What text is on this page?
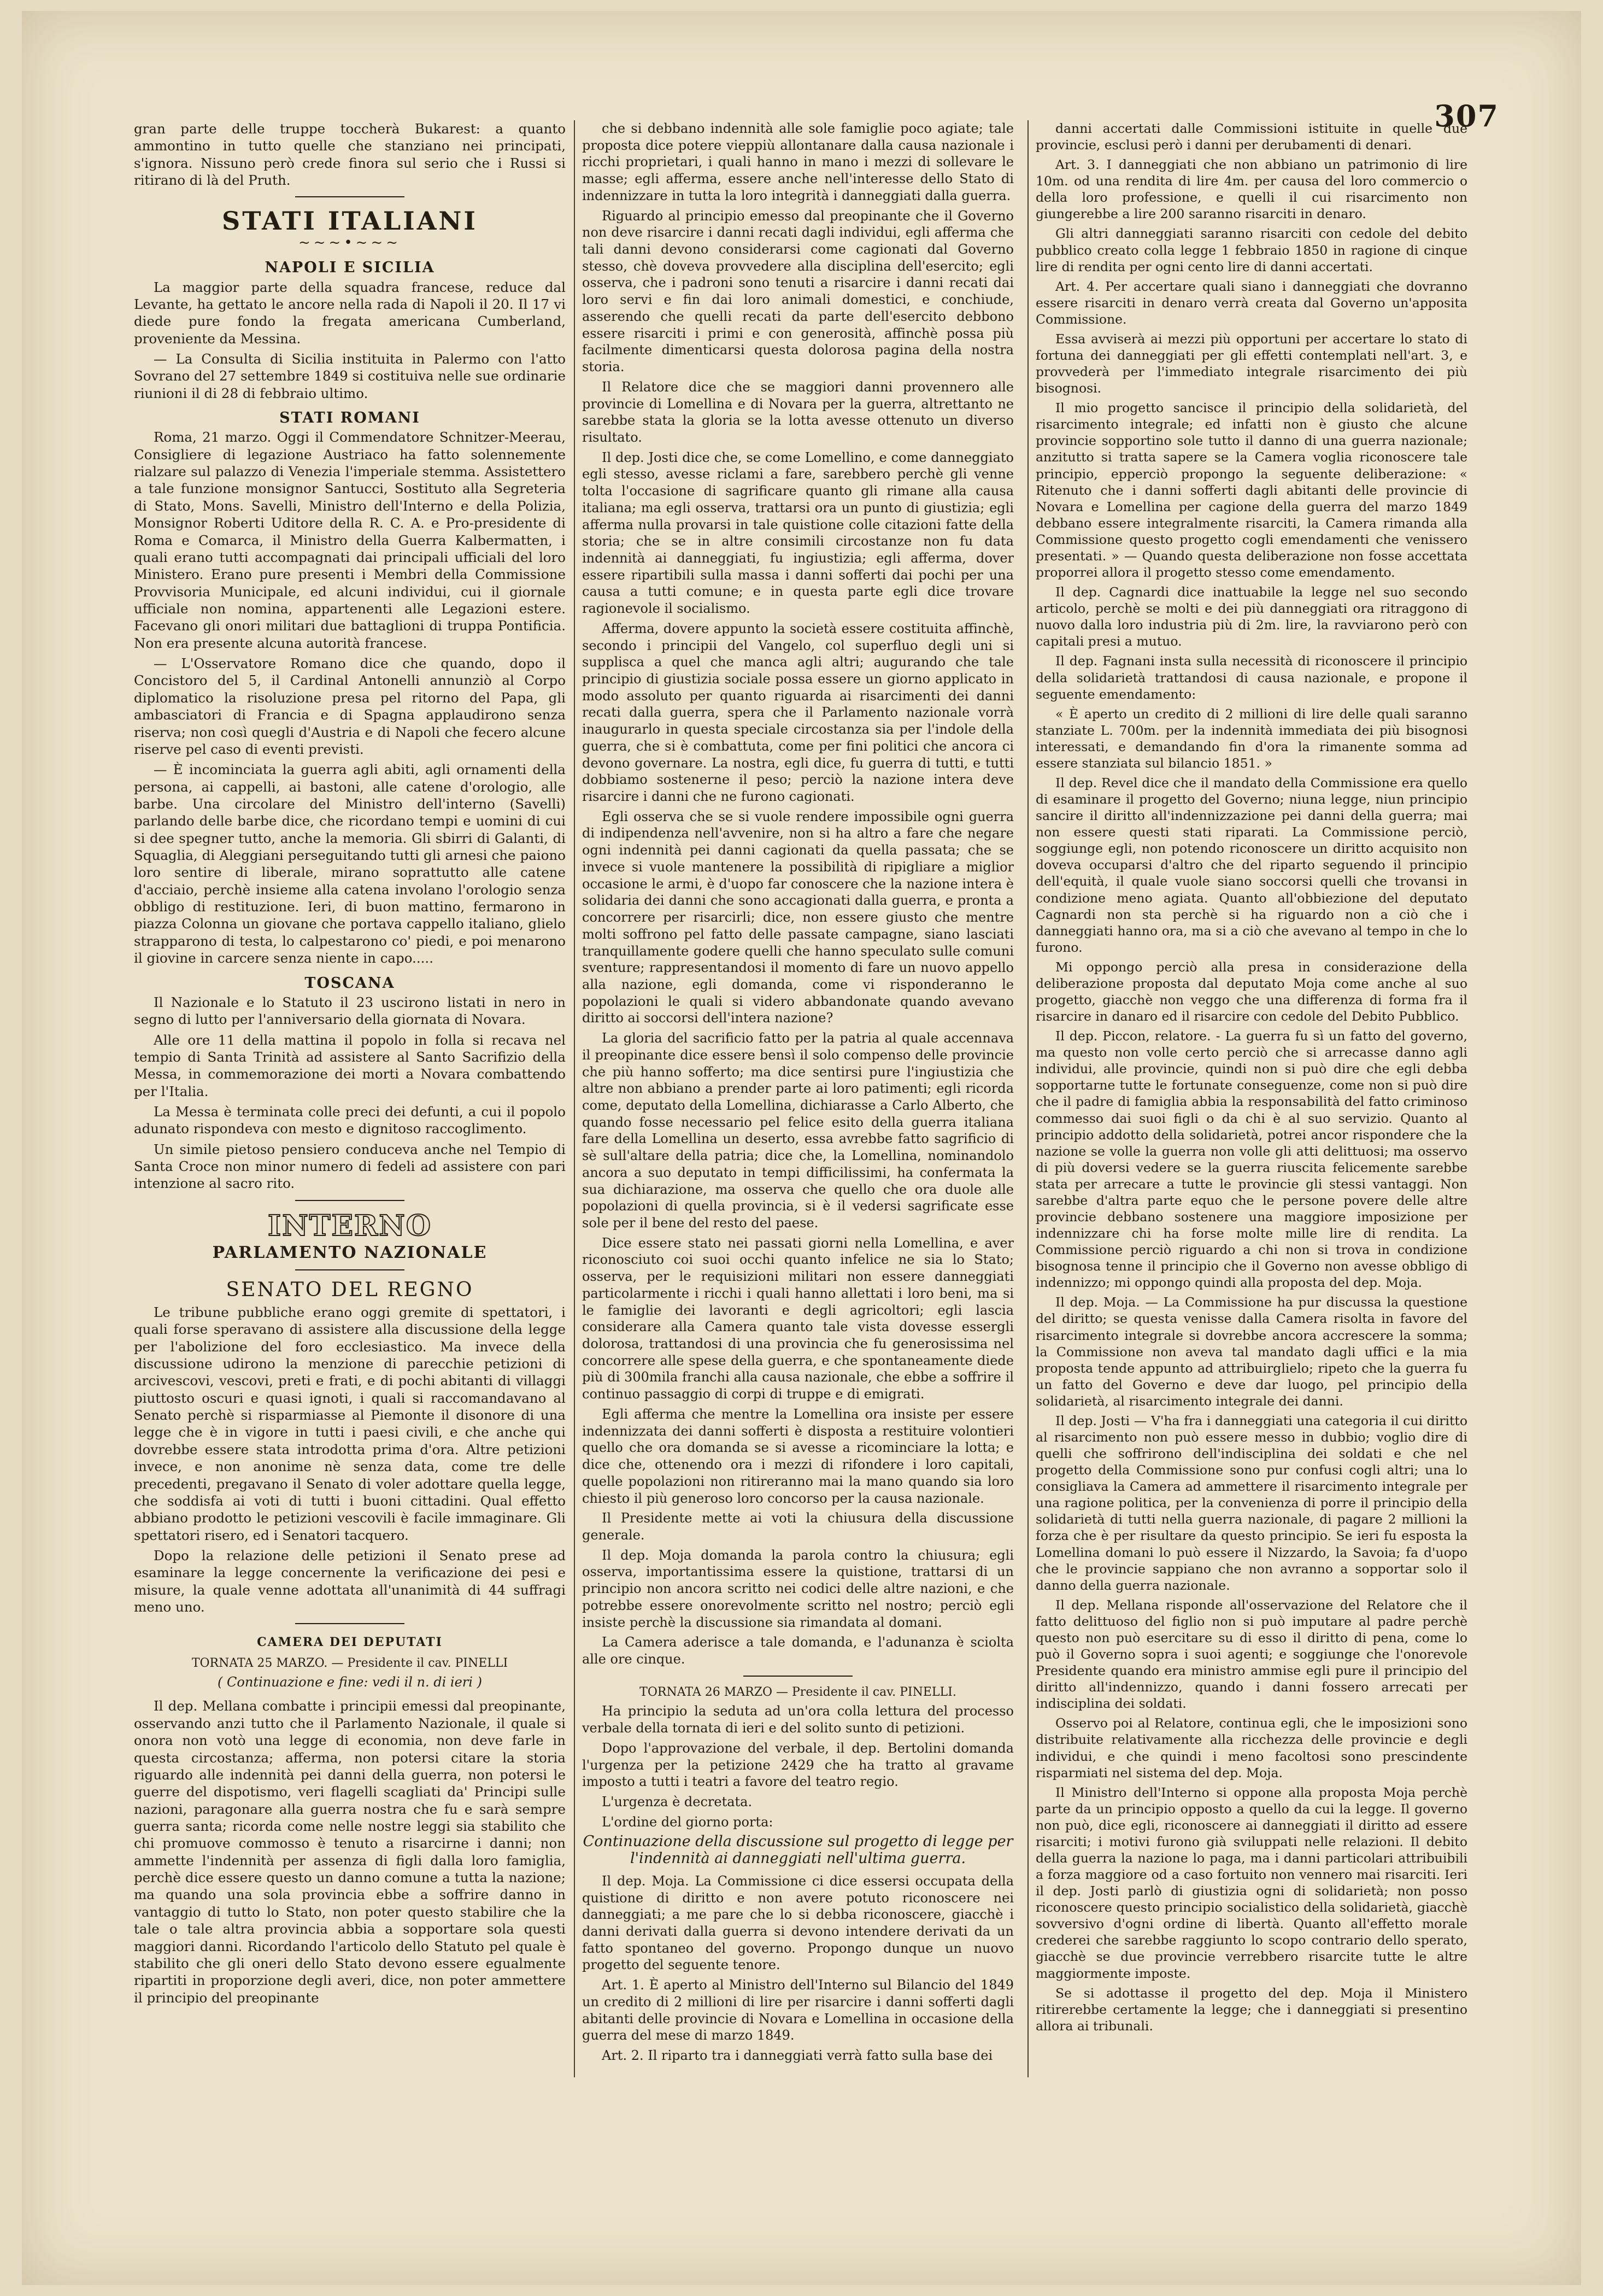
307

gran parte delle truppe toccherà Bukarest: a quanto ammontino in tutto quelle che stanziano nei principati, s'ignora. Nissuno però crede finora sul serio che i Russi si ritirano di là del Pruth.

STATI ITALIANI
~~~•~~~
NAPOLI E SICILIA

La maggior parte della squadra francese, reduce dal Levante, ha gettato le ancore nella rada di Napoli il 20. Il 17 vi diede pure fondo la fregata americana Cumberland, proveniente da Messina.

— La Consulta di Sicilia instituita in Palermo con l'atto Sovrano del 27 settembre 1849 si costituiva nelle sue ordinarie riunioni il di 28 di febbraio ultimo.

STATI ROMANI

Roma, 21 marzo. Oggi il Commendatore Schnitzer-Meerau, Consigliere di legazione Austriaco ha fatto solennemente rialzare sul palazzo di Venezia l'imperiale stemma. Assistettero a tale funzione monsignor Santucci, Sostituto alla Segreteria di Stato, Mons. Savelli, Ministro dell'Interno e della Polizia, Monsignor Roberti Uditore della R. C. A. e Pro-presidente di Roma e Comarca, il Ministro della Guerra Kalbermatten, i quali erano tutti accompagnati dai principali ufficiali del loro Ministero. Erano pure presenti i Membri della Commissione Provvisoria Municipale, ed alcuni individui, cui il giornale ufficiale non nomina, appartenenti alle Legazioni estere. Facevano gli onori militari due battaglioni di truppa Pontificia. Non era presente alcuna autorità francese.

— L'Osservatore Romano dice che quando, dopo il Concistoro del 5, il Cardinal Antonelli annunziò al Corpo diplomatico la risoluzione presa pel ritorno del Papa, gli ambasciatori di Francia e di Spagna applaudirono senza riserva; non così quegli d'Austria e di Napoli che fecero alcune riserve pel caso di eventi previsti.

— È incominciata la guerra agli abiti, agli ornamenti della persona, ai cappelli, ai bastoni, alle catene d'orologio, alle barbe. Una circolare del Ministro dell'interno (Savelli) parlando delle barbe dice, che ricordano tempi e uomini di cui si dee spegner tutto, anche la memoria. Gli sbirri di Galanti, di Squaglia, di Aleggiani perseguitando tutti gli arnesi che paiono loro sentire di liberale, mirano soprattutto alle catene d'acciaio, perchè insieme alla catena involano l'orologio senza obbligo di restituzione. Ieri, di buon mattino, fermarono in piazza Colonna un giovane che portava cappello italiano, glielo strapparono di testa, lo calpestarono co' piedi, e poi menarono il giovine in carcere senza niente in capo.....

TOSCANA

Il Nazionale e lo Statuto il 23 uscirono listati in nero in segno di lutto per l'anniversario della giornata di Novara.

Alle ore 11 della mattina il popolo in folla si recava nel tempio di Santa Trinità ad assistere al Santo Sacrifizio della Messa, in commemorazione dei morti a Novara combattendo per l'Italia.

La Messa è terminata colle preci dei defunti, a cui il popolo adunato rispondeva con mesto e dignitoso raccoglimento.

Un simile pietoso pensiero conduceva anche nel Tempio di Santa Croce non minor numero di fedeli ad assistere con pari intenzione al sacro rito.

INTERNO
PARLAMENTO NAZIONALE
SENATO DEL REGNO

Le tribune pubbliche erano oggi gremite di spettatori, i quali forse speravano di assistere alla discussione della legge per l'abolizione del foro ecclesiastico. Ma invece della discussione udirono la menzione di parecchie petizioni di arcivescovi, vescovi, preti e frati, e di pochi abitanti di villaggi piuttosto oscuri e quasi ignoti, i quali si raccomandavano al Senato perchè si risparmiasse al Piemonte il disonore di una legge che è in vigore in tutti i paesi civili, e che anche qui dovrebbe essere stata introdotta prima d'ora. Altre petizioni invece, e non anonime nè senza data, come tre delle precedenti, pregavano il Senato di voler adottare quella legge, che soddisfa ai voti di tutti i buoni cittadini. Qual effetto abbiano prodotto le petizioni vescovili è facile immaginare. Gli spettatori risero, ed i Senatori tacquero.

Dopo la relazione delle petizioni il Senato prese ad esaminare la legge concernente la verificazione dei pesi e misure, la quale venne adottata all'unanimità di 44 suffragi meno uno.

CAMERA DEI DEPUTATI
TORNATA 25 MARZO. — Presidente il cav. PINELLI
( Continuazione e fine: vedi il n. di ieri )

Il dep. Mellana combatte i principii emessi dal preopinante, osservando anzi tutto che il Parlamento Nazionale, il quale si onora non votò una legge di economia, non deve farle in questa circostanza; afferma, non potersi citare la storia riguardo alle indennità pei danni della guerra, non potersi le guerre del dispotismo, veri flagelli scagliati da' Principi sulle nazioni, paragonare alla guerra nostra che fu e sarà sempre guerra santa; ricorda come nelle nostre leggi sia stabilito che chi promuove commosso è tenuto a risarcirne i danni; non ammette l'indennità per assenza di figli dalla loro famiglia, perchè dice essere questo un danno comune a tutta la nazione; ma quando una sola provincia ebbe a soffrire danno in vantaggio di tutto lo Stato, non poter questo stabilire che la tale o tale altra provincia abbia a sopportare sola questi maggiori danni. Ricordando l'articolo dello Statuto pel quale è stabilito che gli oneri dello Stato devono essere egualmente ripartiti in proporzione degli averi, dice, non poter ammettere il principio del preopinante

che si debbano indennità alle sole famiglie poco agiate; tale proposta dice potere vieppiù allontanare dalla causa nazionale i ricchi proprietari, i quali hanno in mano i mezzi di sollevare le masse; egli afferma, essere anche nell'interesse dello Stato di indennizzare in tutta la loro integrità i danneggiati dalla guerra.

Riguardo al principio emesso dal preopinante che il Governo non deve risarcire i danni recati dagli individui, egli afferma che tali danni devono considerarsi come cagionati dal Governo stesso, chè doveva provvedere alla disciplina dell'esercito; egli osserva, che i padroni sono tenuti a risarcire i danni recati dai loro servi e fin dai loro animali domestici, e conchiude, asserendo che quelli recati da parte dell'esercito debbono essere risarciti i primi e con generosità, affinchè possa più facilmente dimenticarsi questa dolorosa pagina della nostra storia.

Il Relatore dice che se maggiori danni provennero alle provincie di Lomellina e di Novara per la guerra, altrettanto ne sarebbe stata la gloria se la lotta avesse ottenuto un diverso risultato.

Il dep. Josti dice che, se come Lomellino, e come danneggiato egli stesso, avesse riclami a fare, sarebbero perchè gli venne tolta l'occasione di sagrificare quanto gli rimane alla causa italiana; ma egli osserva, trattarsi ora un punto di giustizia; egli afferma nulla provarsi in tale quistione colle citazioni fatte della storia; che se in altre consimili circostanze non fu data indennità ai danneggiati, fu ingiustizia; egli afferma, dover essere ripartibili sulla massa i danni sofferti dai pochi per una causa a tutti comune; e in questa parte egli dice trovare ragionevole il socialismo.

Afferma, dovere appunto la società essere costituita affinchè, secondo i principii del Vangelo, col superfluo degli uni si supplisca a quel che manca agli altri; augurando che tale principio di giustizia sociale possa essere un giorno applicato in modo assoluto per quanto riguarda ai risarcimenti dei danni recati dalla guerra, spera che il Parlamento nazionale vorrà inaugurarlo in questa speciale circostanza sia per l'indole della guerra, che si è combattuta, come per fini politici che ancora ci devono governare. La nostra, egli dice, fu guerra di tutti, e tutti dobbiamo sostenerne il peso; perciò la nazione intera deve risarcire i danni che ne furono cagionati.

Egli osserva che se si vuole rendere impossibile ogni guerra di indipendenza nell'avvenire, non si ha altro a fare che negare ogni indennità pei danni cagionati da quella passata; che se invece si vuole mantenere la possibilità di ripigliare a miglior occasione le armi, è d'uopo far conoscere che la nazione intera è solidaria dei danni che sono accagionati dalla guerra, e pronta a concorrere per risarcirli; dice, non essere giusto che mentre molti soffrono pel fatto delle passate campagne, siano lasciati tranquillamente godere quelli che hanno speculato sulle comuni sventure; rappresentandosi il momento di fare un nuovo appello alla nazione, egli domanda, come vi risponderanno le popolazioni le quali si videro abbandonate quando avevano diritto ai soccorsi dell'intera nazione?

La gloria del sacrificio fatto per la patria al quale accennava il preopinante dice essere bensì il solo compenso delle provincie che più hanno sofferto; ma dice sentirsi pure l'ingiustizia che altre non abbiano a prender parte ai loro patimenti; egli ricorda come, deputato della Lomellina, dichiarasse a Carlo Alberto, che quando fosse necessario pel felice esito della guerra italiana fare della Lomellina un deserto, essa avrebbe fatto sagrificio di sè sull'altare della patria; dice che, la Lomellina, nominandolo ancora a suo deputato in tempi difficilissimi, ha confermata la sua dichiarazione, ma osserva che quello che ora duole alle popolazioni di quella provincia, si è il vedersi sagrificate esse sole per il bene del resto del paese.

Dice essere stato nei passati giorni nella Lomellina, e aver riconosciuto coi suoi occhi quanto infelice ne sia lo Stato; osserva, per le requisizioni militari non essere danneggiati particolarmente i ricchi i quali hanno allettati i loro beni, ma si le famiglie dei lavoranti e degli agricoltori; egli lascia considerare alla Camera quanto tale vista dovesse essergli dolorosa, trattandosi di una provincia che fu generosissima nel concorrere alle spese della guerra, e che spontaneamente diede più di 300mila franchi alla causa nazionale, che ebbe a soffrire il continuo passaggio di corpi di truppe e di emigrati.

Egli afferma che mentre la Lomellina ora insiste per essere indennizzata dei danni sofferti è disposta a restituire volontieri quello che ora domanda se si avesse a ricominciare la lotta; e dice che, ottenendo ora i mezzi di rifondere i loro capitali, quelle popolazioni non ritireranno mai la mano quando sia loro chiesto il più generoso loro concorso per la causa nazionale.

Il Presidente mette ai voti la chiusura della discussione generale.

Il dep. Moja domanda la parola contro la chiusura; egli osserva, importantissima essere la quistione, trattarsi di un principio non ancora scritto nei codici delle altre nazioni, e che potrebbe essere onorevolmente scritto nel nostro; perciò egli insiste perchè la discussione sia rimandata al domani.

La Camera aderisce a tale domanda, e l'adunanza è sciolta alle ore cinque.

TORNATA 26 MARZO — Presidente il cav. PINELLI.

Ha principio la seduta ad un'ora colla lettura del processo verbale della tornata di ieri e del solito sunto di petizioni.

Dopo l'approvazione del verbale, il dep. Bertolini domanda l'urgenza per la petizione 2429 che ha tratto al gravame imposto a tutti i teatri a favore del teatro regio.

L'urgenza è decretata.

L'ordine del giorno porta:

Continuazione della discussione sul progetto di legge per l'indennità ai danneggiati nell'ultima guerra.

Il dep. Moja. La Commissione ci dice essersi occupata della quistione di diritto e non avere potuto riconoscere nei danneggiati; a me pare che lo si debba riconoscere, giacchè i danni derivati dalla guerra si devono intendere derivati da un fatto spontaneo del governo. Propongo dunque un nuovo progetto del seguente tenore.

Art. 1. È aperto al Ministro dell'Interno sul Bilancio del 1849 un credito di 2 millioni di lire per risarcire i danni sofferti dagli abitanti delle provincie di Novara e Lomellina in occasione della guerra del mese di marzo 1849.

Art. 2. Il riparto tra i danneggiati verrà fatto sulla base dei

danni accertati dalle Commissioni istituite in quelle due provincie, esclusi però i danni per derubamenti di denari.

Art. 3. I danneggiati che non abbiano un patrimonio di lire 10m. od una rendita di lire 4m. per causa del loro commercio o della loro professione, e quelli il cui risarcimento non giungerebbe a lire 200 saranno risarciti in denaro.

Gli altri danneggiati saranno risarciti con cedole del debito pubblico creato colla legge 1 febbraio 1850 in ragione di cinque lire di rendita per ogni cento lire di danni accertati.

Art. 4. Per accertare quali siano i danneggiati che dovranno essere risarciti in denaro verrà creata dal Governo un'apposita Commissione.

Essa avviserà ai mezzi più opportuni per accertare lo stato di fortuna dei danneggiati per gli effetti contemplati nell'art. 3, e provvederà per l'immediato integrale risarcimento dei più bisognosi.

Il mio progetto sancisce il principio della solidarietà, del risarcimento integrale; ed infatti non è giusto che alcune provincie sopportino sole tutto il danno di una guerra nazionale; anzitutto si tratta sapere se la Camera voglia riconoscere tale principio, epperciò propongo la seguente deliberazione: « Ritenuto che i danni sofferti dagli abitanti delle provincie di Novara e Lomellina per cagione della guerra del marzo 1849 debbano essere integralmente risarciti, la Camera rimanda alla Commissione questo progetto cogli emendamenti che venissero presentati. » — Quando questa deliberazione non fosse accettata proporrei allora il progetto stesso come emendamento.

Il dep. Cagnardi dice inattuabile la legge nel suo secondo articolo, perchè se molti e dei più danneggiati ora ritraggono di nuovo dalla loro industria più di 2m. lire, la ravviarono però con capitali presi a mutuo.

Il dep. Fagnani insta sulla necessità di riconoscere il principio della solidarietà trattandosi di causa nazionale, e propone il seguente emendamento:

« È aperto un credito di 2 millioni di lire delle quali saranno stanziate L. 700m. per la indennità immediata dei più bisognosi interessati, e demandando fin d'ora la rimanente somma ad essere stanziata sul bilancio 1851. »

Il dep. Revel dice che il mandato della Commissione era quello di esaminare il progetto del Governo; niuna legge, niun principio sancire il diritto all'indennizzazione pei danni della guerra; mai non essere questi stati riparati. La Commissione perciò, soggiunge egli, non potendo riconoscere un diritto acquisito non doveva occuparsi d'altro che del riparto seguendo il principio dell'equità, il quale vuole siano soccorsi quelli che trovansi in condizione meno agiata. Quanto all'obbiezione del deputato Cagnardi non sta perchè si ha riguardo non a ciò che i danneggiati hanno ora, ma si a ciò che avevano al tempo in che lo furono.

Mi oppongo perciò alla presa in considerazione della deliberazione proposta dal deputato Moja come anche al suo progetto, giacchè non veggo che una differenza di forma fra il risarcire in danaro ed il risarcire con cedole del Debito Pubblico.

Il dep. Piccon, relatore. - La guerra fu sì un fatto del governo, ma questo non volle certo perciò che si arrecasse danno agli individui, alle provincie, quindi non si può dire che egli debba sopportarne tutte le fortunate conseguenze, come non si può dire che il padre di famiglia abbia la responsabilità del fatto criminoso commesso dai suoi figli o da chi è al suo servizio. Quanto al principio addotto della solidarietà, potrei ancor rispondere che la nazione se volle la guerra non volle gli atti delittuosi; ma osservo di più doversi vedere se la guerra riuscita felicemente sarebbe stata per arrecare a tutte le provincie gli stessi vantaggi. Non sarebbe d'altra parte equo che le persone povere delle altre provincie debbano sostenere una maggiore imposizione per indennizzare chi ha forse molte mille lire di rendita. La Commissione perciò riguardo a chi non si trova in condizione bisognosa tenne il principio che il Governo non avesse obbligo di indennizzo; mi oppongo quindi alla proposta del dep. Moja.

Il dep. Moja. — La Commissione ha pur discussa la questione del diritto; se questa venisse dalla Camera risolta in favore del risarcimento integrale si dovrebbe ancora accrescere la somma; la Commissione non aveva tal mandato dagli uffici e la mia proposta tende appunto ad attribuirglielo; ripeto che la guerra fu un fatto del Governo e deve dar luogo, pel principio della solidarietà, al risarcimento integrale dei danni.

Il dep. Josti — V'ha fra i danneggiati una categoria il cui diritto al risarcimento non può essere messo in dubbio; voglio dire di quelli che soffrirono dell'indisciplina dei soldati e che nel progetto della Commissione sono pur confusi cogli altri; una lo consigliava la Camera ad ammettere il risarcimento integrale per una ragione politica, per la convenienza di porre il principio della solidarietà di tutti nella guerra nazionale, di pagare 2 millioni la forza che è per risultare da questo principio. Se ieri fu esposta la Lomellina domani lo può essere il Nizzardo, la Savoia; fa d'uopo che le provincie sappiano che non avranno a sopportar solo il danno della guerra nazionale.

Il dep. Mellana risponde all'osservazione del Relatore che il fatto delittuoso del figlio non si può imputare al padre perchè questo non può esercitare su di esso il diritto di pena, come lo può il Governo sopra i suoi agenti; e soggiunge che l'onorevole Presidente quando era ministro ammise egli pure il principio del diritto all'indennizzo, quando i danni fossero arrecati per indisciplina dei soldati.

Osservo poi al Relatore, continua egli, che le imposizioni sono distribuite relativamente alla ricchezza delle provincie e degli individui, e che quindi i meno facoltosi sono prescindente risparmiati nel sistema del dep. Moja.

Il Ministro dell'Interno si oppone alla proposta Moja perchè parte da un principio opposto a quello da cui la legge. Il governo non può, dice egli, riconoscere ai danneggiati il diritto ad essere risarciti; i motivi furono già sviluppati nelle relazioni. Il debito della guerra la nazione lo paga, ma i danni particolari attribuibili a forza maggiore od a caso fortuito non vennero mai risarciti. Ieri il dep. Josti parlò di giustizia ogni di solidarietà; non posso riconoscere questo principio socialistico della solidarietà, giacchè sovversivo d'ogni ordine di libertà. Quanto all'effetto morale crederei che sarebbe raggiunto lo scopo contrario dello sperato, giacchè se due provincie verrebbero risarcite tutte le altre maggiormente imposte.

Se si adottasse il progetto del dep. Moja il Ministero ritirerebbe certamente la legge; che i danneggiati si presentino allora ai tribunali.
